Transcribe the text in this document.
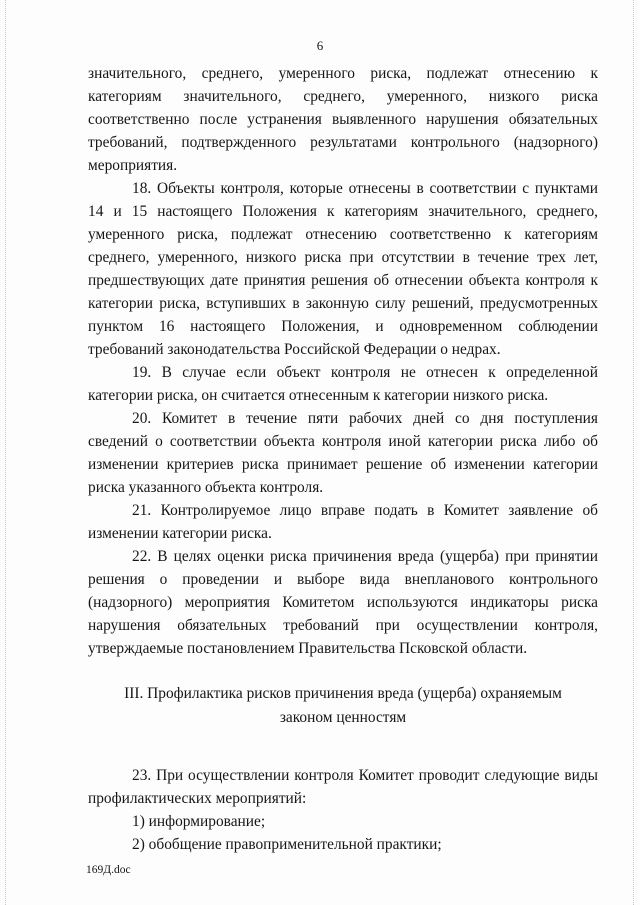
6

значительного, среднего, умеренного риска, подлежат отнесению к категориям значительного, среднего, умеренного, низкого риска соответственно после устранения выявленного нарушения обязательных требований, подтвержденного результатами контрольного (надзорного) мероприятия.

18. Объекты контроля, которые отнесены в соответствии с пунктами 14 и 15 настоящего Положения к категориям значительного, среднего, умеренного риска, подлежат отнесению соответственно к категориям среднего, умеренного, низкого риска при отсутствии в течение трех лет, предшествующих дате принятия решения об отнесении объекта контроля к категории риска, вступивших в законную силу решений, предусмотренных пунктом 16 настоящего Положения, и одновременном соблюдении требований законодательства Российской Федерации о недрах.

19. В случае если объект контроля не отнесен к определенной категории риска, он считается отнесенным к категории низкого риска.

20. Комитет в течение пяти рабочих дней со дня поступления сведений о соответствии объекта контроля иной категории риска либо об изменении критериев риска принимает решение об изменении категории риска указанного объекта контроля.

21. Контролируемое лицо вправе подать в Комитет заявление об изменении категории риска.

22. В целях оценки риска причинения вреда (ущерба) при принятии решения о проведении и выборе вида внепланового контрольного (надзорного) мероприятия Комитетом используются индикаторы риска нарушения обязательных требований при осуществлении контроля, утверждаемые постановлением Правительства Псковской области.

III. Профилактика рисков причинения вреда (ущерба) охраняемым
законом ценностям

23. При осуществлении контроля Комитет проводит следующие виды профилактических мероприятий:

1) информирование;

2) обобщение правоприменительной практики;

169Д.doc
